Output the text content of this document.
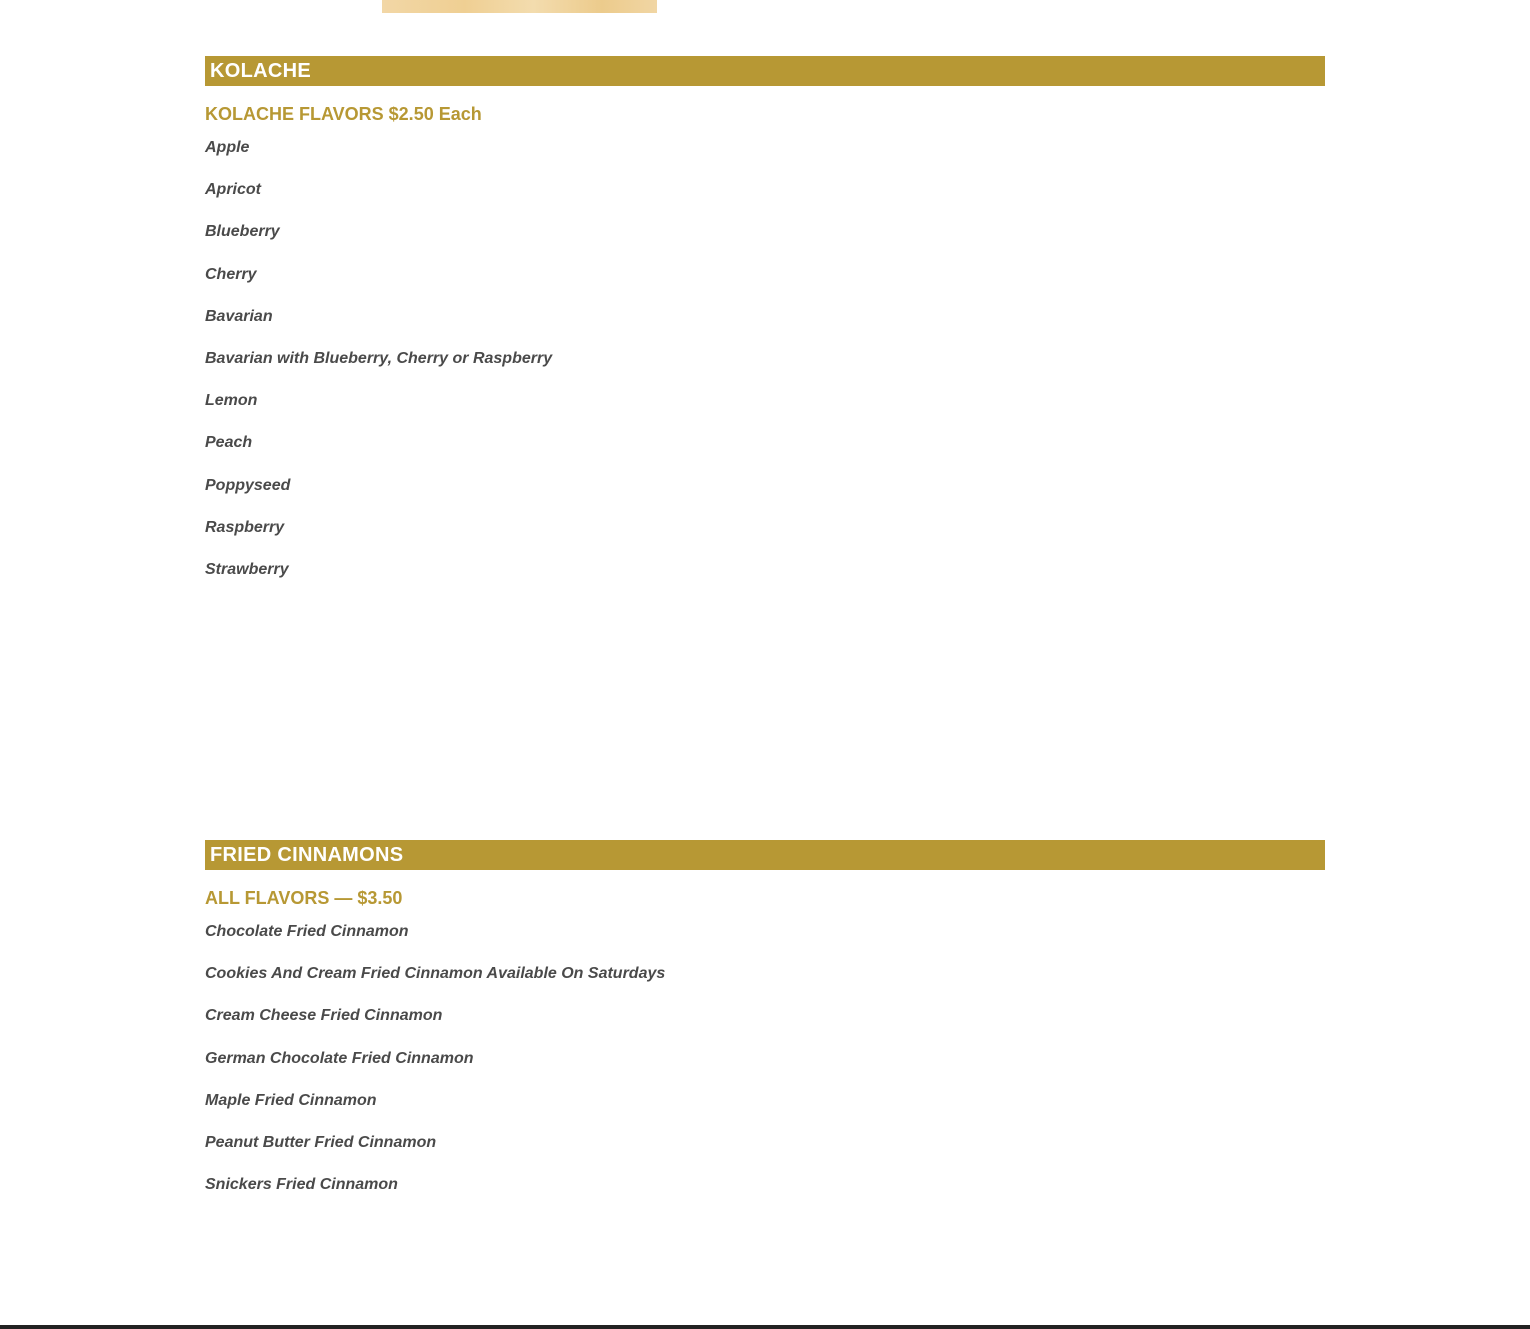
KOLACHE
KOLACHE FLAVORS $2.50 Each
Apple
Apricot
Blueberry
Cherry
Bavarian
Bavarian with Blueberry, Cherry or Raspberry
Lemon
Peach
Poppyseed
Raspberry
Strawberry
FRIED CINNAMONS
ALL FLAVORS — $3.50
Chocolate Fried Cinnamon
Cookies And Cream Fried Cinnamon Available On Saturdays
Cream Cheese Fried Cinnamon
German Chocolate Fried Cinnamon
Maple Fried Cinnamon
Peanut Butter Fried Cinnamon
Snickers Fried Cinnamon
